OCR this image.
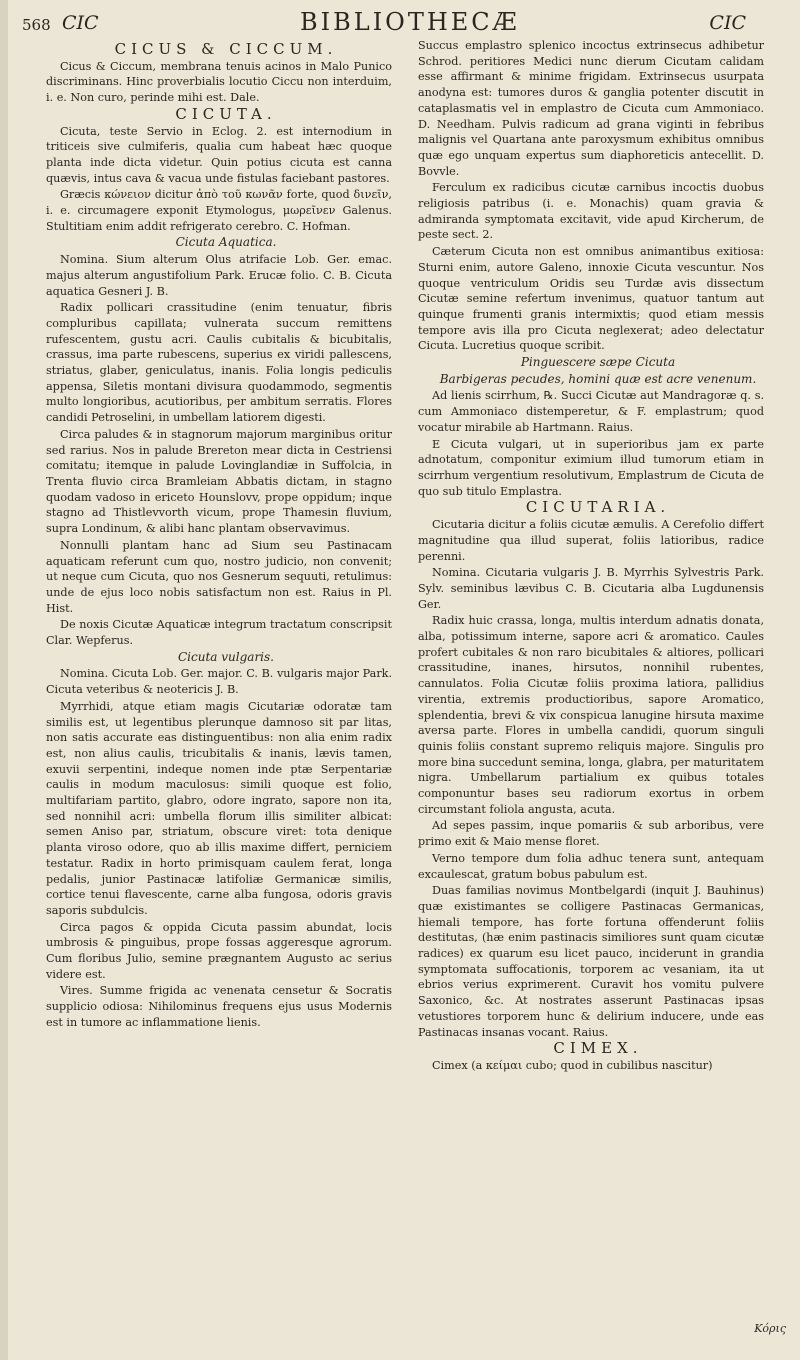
568 CIC	BIBLIOTHECÆ	CIC

CICUS & CICCUM.

Cicus & Ciccum, membrana tenuis acinos in Malo Punico discriminans. Hinc proverbialis locutio Ciccu non interduim, i. e. Non curo, perinde mihi est. Dale.

CICUTA.

Cicuta, teste Servio in Eclog. 2. est internodium in triticeis sive culmiferis, qualia cum habeat hæc quoque planta inde dicta videtur. Quin potius cicuta est canna quævis, intus cava & vacua unde fistulas faciebant pastores.

Græcis κώνειον dicitur ἀπὸ τοῦ κωνᾶν forte, quod δινεῖν, i. e. circumagere exponit Etymologus, μωρεῖνεν Galenus. Stultitiam enim addit refrigerato cerebro. C. Hofman.

Cicuta Aquatica.

Nomina. Sium alterum Olus atrifacie Lob. Ger. emac. majus alterum angustifolium Park. Erucæ folio. C. B. Cicuta aquatica Gesneri J. B.

Radix pollicari crassitudine (enim tenuatur, fibris compluribus capillata; vulnerata succum remittens rufescentem, gustu acri. Caulis cubitalis & bicubitalis, crassus, ima parte rubescens, superius ex viridi pallescens, striatus, glaber, geniculatus, inanis. Folia longis pediculis appensa, Siletis montani divisura quodammodo, segmentis multo longioribus, acutioribus, per ambitum serratis. Flores candidi Petroselini, in umbellam latiorem digesti.

Circa paludes & in stagnorum majorum marginibus oritur sed rarius. Nos in palude Brereton mear dicta in Cestriensi comitatu; itemque in palude Lovinglandiæ in Suffolcia, in Trenta fluvio circa Bramleiam Abbatis dictam, in stagno quodam vadoso in ericeto Hounslovv, prope oppidum; inque stagno ad Thistlevvorth vicum, prope Thamesin fluvium, supra Londinum, & alibi hanc plantam observavimus.

Nonnulli plantam hanc ad Sium seu Pastinacam aquaticam referunt cum quo, nostro judicio, non convenit; ut neque cum Cicuta, quo nos Gesnerum sequuti, retulimus: unde de ejus loco nobis satisfactum non est. Raius in Pl. Hist.

De noxis Cicutæ Aquaticæ integrum tractatum conscripsit Clar. Wepferus.

Cicuta vulgaris.

Nomina. Cicuta Lob. Ger. major. C. B. vulgaris major Park. Cicuta veteribus & neotericis J. B.

Myrrhidi, atque etiam magis Cicutariæ odoratæ tam similis est, ut legentibus plerunque damnoso sit par litas, non satis accurate eas distinguentibus: non alia enim radix est, non alius caulis, tricubitalis & inanis, lævis tamen, exuvii serpentini, indeque nomen inde ptæ Serpentariæ caulis in modum maculosus: simili quoque est folio, multifariam partito, glabro, odore ingrato, sapore non ita, sed nonnihil acri: umbella florum illis similiter albicat: semen Aniso par, striatum, obscure viret: tota denique planta viroso odore, quo ab illis maxime differt, perniciem testatur. Radix in horto primisquam caulem ferat, longa pedalis, junior Pastinacæ latifoliæ Germanicæ similis, cortice tenui flavescente, carne alba fungosa, odoris gravis saporis subdulcis.

Circa pagos & oppida Cicuta passim abundat, locis umbrosis & pinguibus, prope fossas aggeresque agrorum. Cum floribus Julio, semine prægnantem Augusto ac serius videre est.

Vires. Summe frigida ac venenata censetur & Socratis supplicio odiosa: Nihilominus frequens ejus usus Modernis est in tumore ac inflammatione lienis.

Succus emplastro splenico incoctus extrinsecus adhibetur Schrod. peritiores Medici nunc dierum Cicutam calidam esse affirmant & minime frigidam. Extrinsecus usurpata anodyna est: tumores duros & ganglia potenter discutit in cataplasmatis vel in emplastro de Cicuta cum Ammoniaco. D. Needham. Pulvis radicum ad grana viginti in febribus malignis vel Quartana ante paroxysmum exhibitus omnibus quæ ego unquam expertus sum diaphoreticis antecellit. D. Bovvle.

Ferculum ex radicibus cicutæ carnibus incoctis duobus religiosis patribus (i. e. Monachis) quam gravia & admiranda symptomata excitavit, vide apud Kircherum, de peste sect. 2.

Cæterum Cicuta non est omnibus animantibus exitiosa: Sturni enim, autore Galeno, innoxie Cicuta vescuntur. Nos quoque ventriculum Oridis seu Turdæ avis dissectum Cicutæ semine refertum invenimus, quatuor tantum aut quinque frumenti granis intermixtis; quod etiam messis tempore avis illa pro Cicuta neglexerat; adeo delectatur Cicuta. Lucretius quoque scribit.

Pinguescere sæpe Cicuta

Barbigeras pecudes, homini quæ est acre venenum.

Ad lienis scirrhum, ℞. Succi Cicutæ aut Mandragoræ q. s. cum Ammoniaco distemperetur, & F. emplastrum; quod vocatur mirabile ab Hartmann. Raius.

E Cicuta vulgari, ut in superioribus jam ex parte adnotatum, componitur eximium illud tumorum etiam in scirrhum vergentium resolutivum, Emplastrum de Cicuta de quo sub titulo Emplastra.

CICUTARIA.

Cicutaria dicitur a foliis cicutæ æmulis. A Cerefolio differt magnitudine qua illud superat, foliis latioribus, radice perenni.

Nomina. Cicutaria vulgaris J. B. Myrrhis Sylvestris Park. Sylv. seminibus lævibus C. B. Cicutaria alba Lugdunensis Ger.

Radix huic crassa, longa, multis interdum adnatis donata, alba, potissimum interne, sapore acri & aromatico. Caules profert cubitales & non raro bicubitales & altiores, pollicari crassitudine, inanes, hirsutos, nonnihil rubentes, cannulatos. Folia Cicutæ foliis proxima latiora, pallidius virentia, extremis productioribus, sapore Aromatico, splendentia, brevi & vix conspicua lanugine hirsuta maxime aversa parte. Flores in umbella candidi, quorum singuli quinis foliis constant supremo reliquis majore. Singulis pro more bina succedunt semina, longa, glabra, per maturitatem nigra. Umbellarum partialium ex quibus totales componuntur bases seu radiorum exortus in orbem circumstant foliola angusta, acuta.

Ad sepes passim, inque pomariis & sub arboribus, vere primo exit & Maio mense floret.

Verno tempore dum folia adhuc tenera sunt, antequam excaulescat, gratum bobus pabulum est.

Duas familias novimus Montbelgardi (inquit J. Bauhinus) quæ existimantes se colligere Pastinacas Germanicas, hiemali tempore, has forte fortuna offenderunt foliis destitutas, (hæ enim pastinacis similiores sunt quam cicutæ radices) ex quarum esu licet pauco, inciderunt in grandia symptomata suffocationis, torporem ac vesaniam, ita ut ebrios verius exprimerent. Curavit hos vomitu pulvere Saxonico, &c. At nostrates asserunt Pastinacas ipsas vetustiores torporem hunc & delirium inducere, unde eas Pastinacas insanas vocant. Raius.

CIMEX.

Cimex (a κείμαι cubo; quod in cubilibus nascitur)

Κόρις
